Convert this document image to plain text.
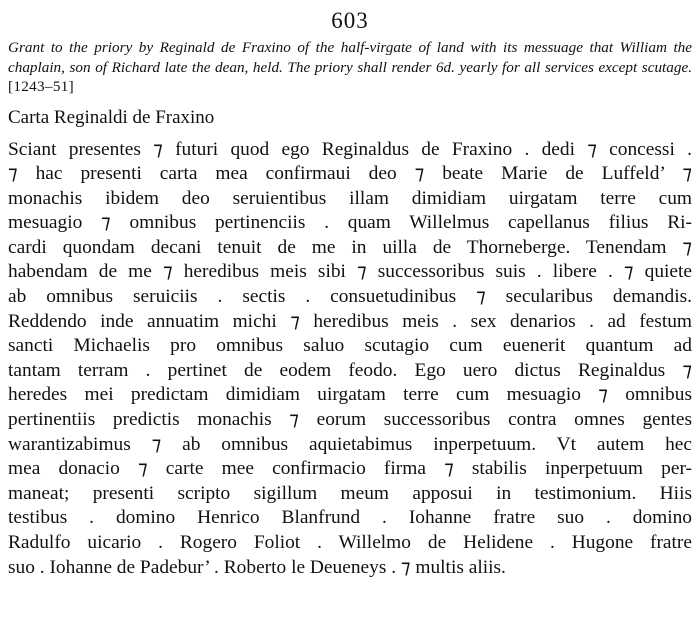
603

Grant to the priory by Reginald de Fraxino of the half-virgate of land with its messuage that William the chaplain, son of Richard late the dean, held. The priory shall render 6d. yearly for all services except scutage. [1243–51]

Carta Reginaldi de Fraxino
Sciant presentes ⁊ futuri quod ego Reginaldus de Fraxino . dedi ⁊ concessi .
⁊ hac presenti carta mea confirmaui deo ⁊ beate Marie de Luffeld’ ⁊
monachis ibidem deo seruientibus illam dimidiam uirgatam terre cum
mesuagio ⁊ omnibus pertinenciis . quam Willelmus capellanus filius Ri-
cardi quondam decani tenuit de me in uilla de Thorneberge. Tenendam ⁊
habendam de me ⁊ heredibus meis sibi ⁊ successoribus suis . libere . ⁊ quiete
ab omnibus seruiciis . sectis . consuetudinibus ⁊ secularibus demandis.
Reddendo inde annuatim michi ⁊ heredibus meis . sex denarios . ad festum
sancti Michaelis pro omnibus saluo scutagio cum euenerit quantum ad
tantam terram . pertinet de eodem feodo. Ego uero dictus Reginaldus ⁊
heredes mei predictam dimidiam uirgatam terre cum mesuagio ⁊ omnibus
pertinentiis predictis monachis ⁊ eorum successoribus contra omnes gentes
warantizabimus ⁊ ab omnibus aquietabimus inperpetuum. Vt autem hec
mea donacio ⁊ carte mee confirmacio firma ⁊ stabilis inperpetuum per-
maneat; presenti scripto sigillum meum apposui in testimonium. Hiis
testibus . domino Henrico Blanfrund . Iohanne fratre suo . domino
Radulfo uicario . Rogero Foliot . Willelmo de Helidene . Hugone fratre
suo . Iohanne de Padebur’ . Roberto le Deueneys . ⁊ multis aliis.
